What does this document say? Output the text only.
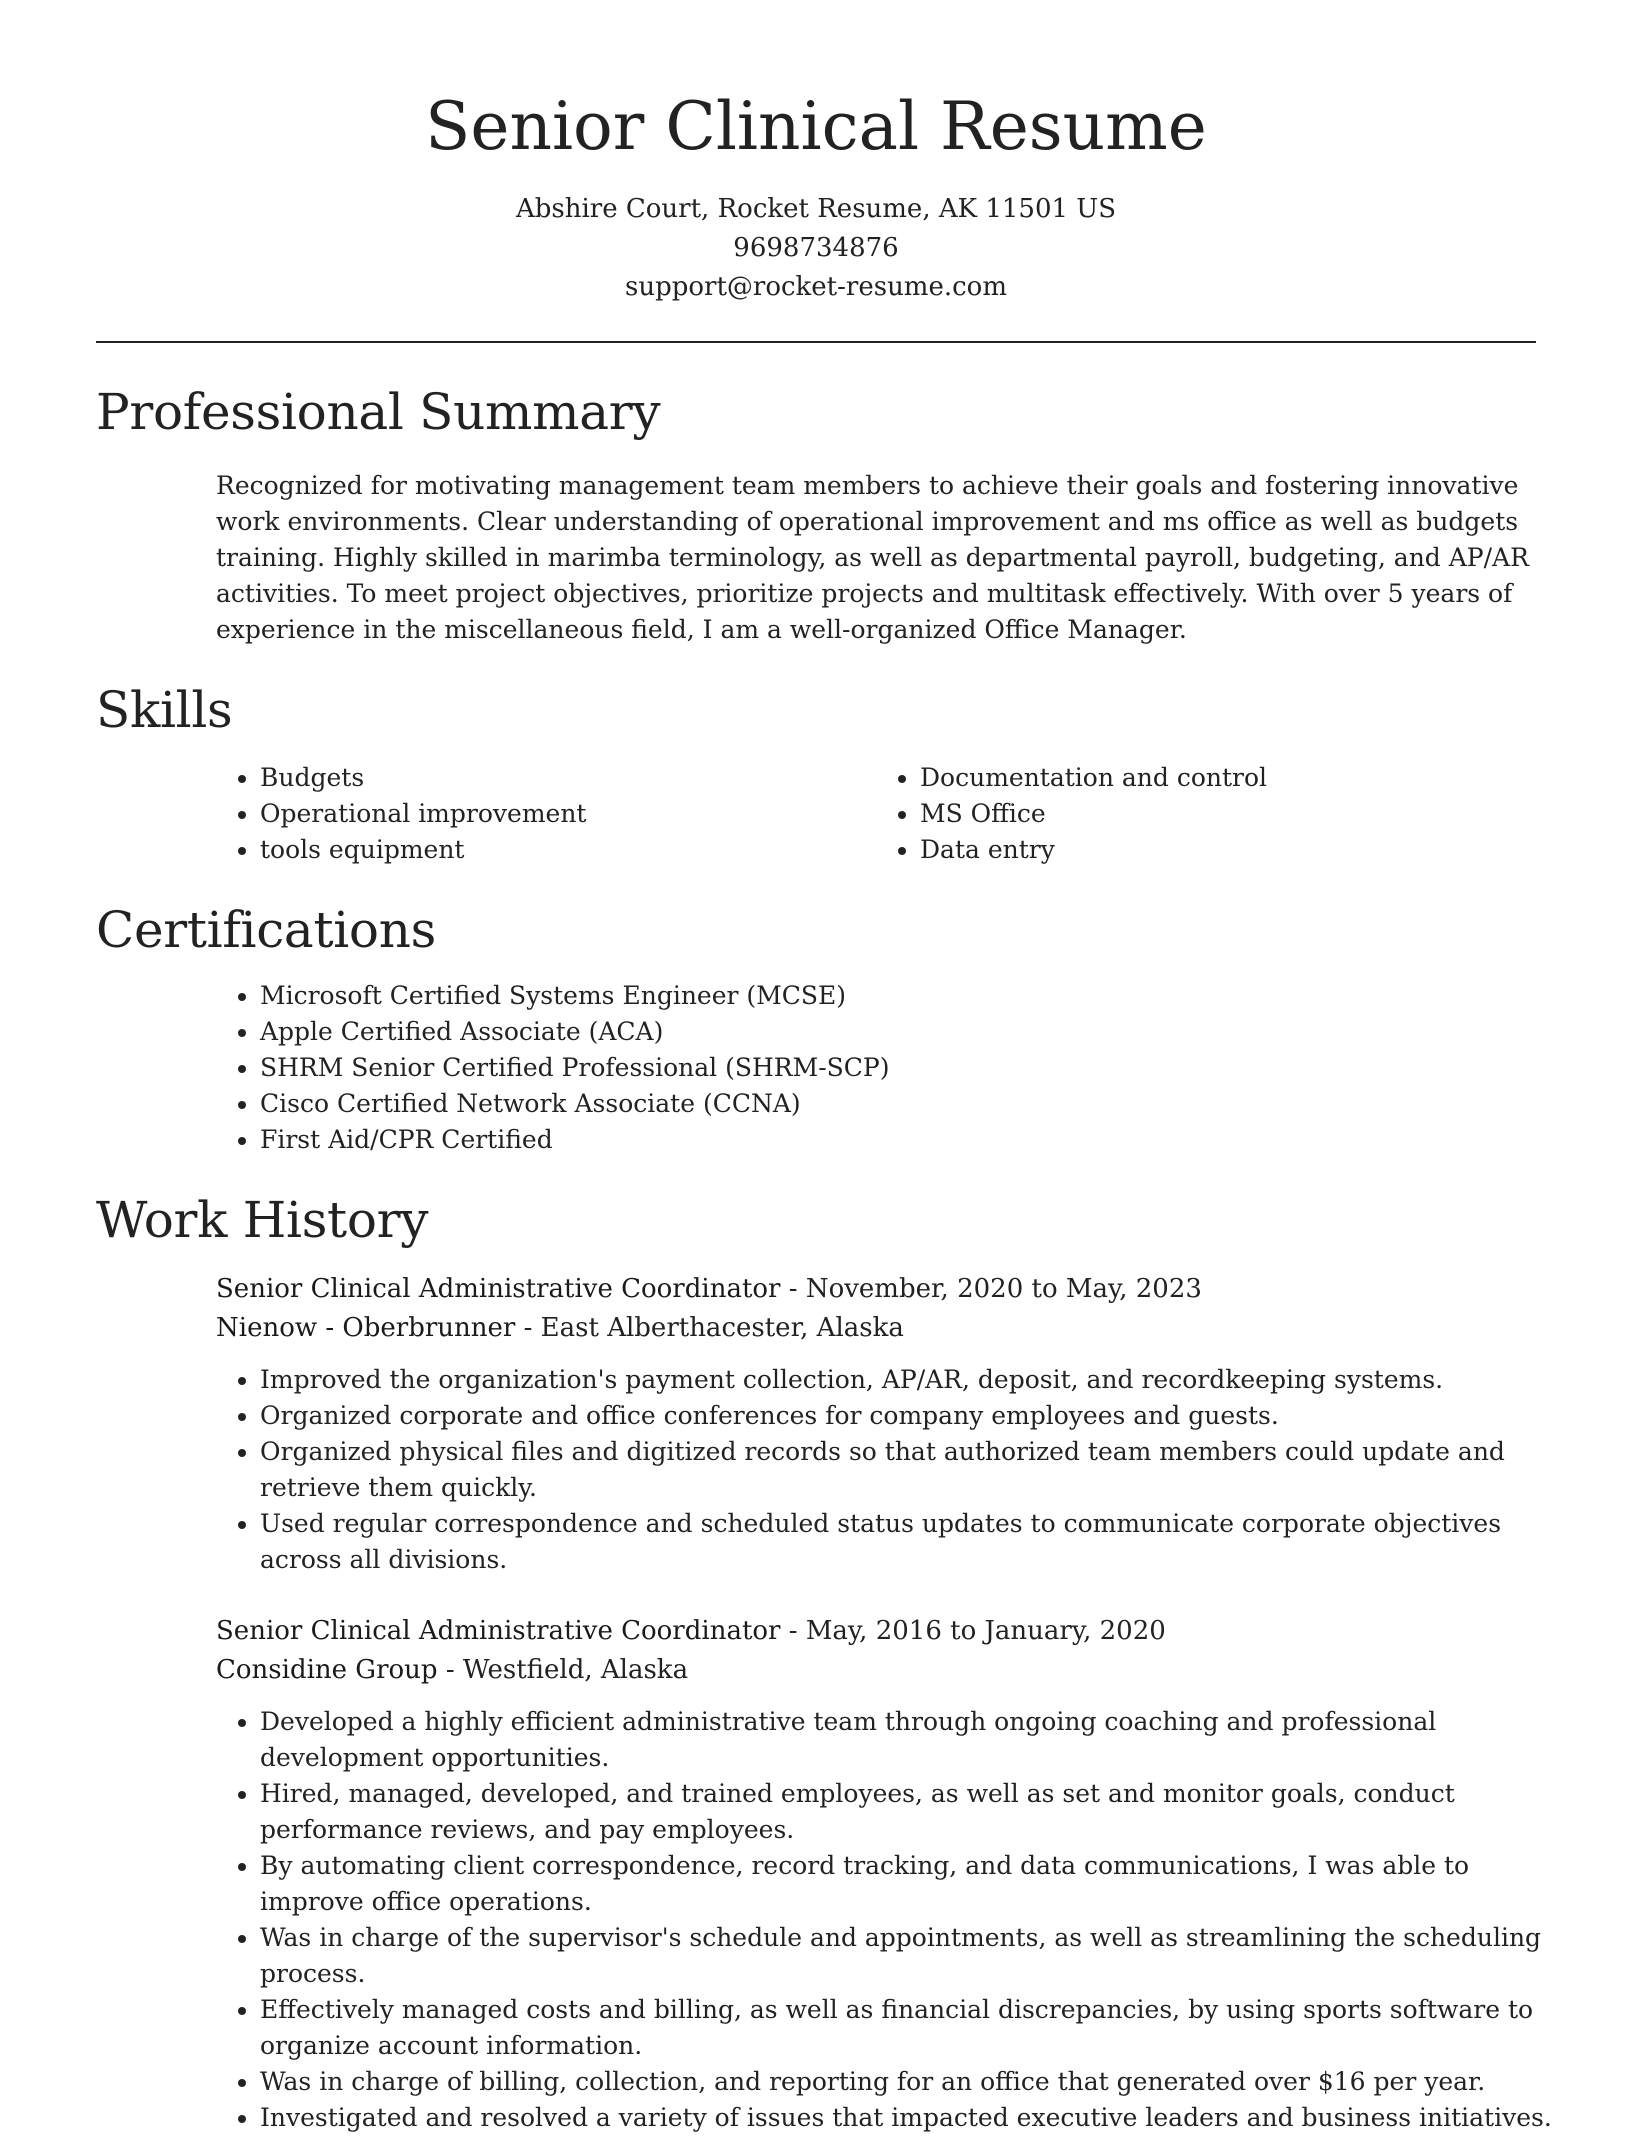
Senior Clinical Resume
Abshire Court, Rocket Resume, AK 11501 US
9698734876
support@rocket-resume.com
Professional Summary
Recognized for motivating management team members to achieve their goals and fostering innovative work environments. Clear understanding of operational improvement and ms office as well as budgets training. Highly skilled in marimba terminology, as well as departmental payroll, budgeting, and AP/AR activities. To meet project objectives, prioritize projects and multitask effectively. With over 5 years of experience in the miscellaneous field, I am a well-organized Office Manager.
Skills
• Budgets
• Operational improvement
• tools equipment
• Documentation and control
• MS Office
• Data entry
Certifications
• Microsoft Certified Systems Engineer (MCSE)
• Apple Certified Associate (ACA)
• SHRM Senior Certified Professional (SHRM-SCP)
• Cisco Certified Network Associate (CCNA)
• First Aid/CPR Certified
Work History
Senior Clinical Administrative Coordinator - November, 2020 to May, 2023
Nienow - Oberbrunner - East Alberthacester, Alaska
• Improved the organization's payment collection, AP/AR, deposit, and recordkeeping systems.
• Organized corporate and office conferences for company employees and guests.
• Organized physical files and digitized records so that authorized team members could update and retrieve them quickly.
• Used regular correspondence and scheduled status updates to communicate corporate objectives across all divisions.
Senior Clinical Administrative Coordinator - May, 2016 to January, 2020
Considine Group - Westfield, Alaska
• Developed a highly efficient administrative team through ongoing coaching and professional development opportunities.
• Hired, managed, developed, and trained employees, as well as set and monitor goals, conduct performance reviews, and pay employees.
• By automating client correspondence, record tracking, and data communications, I was able to improve office operations.
• Was in charge of the supervisor's schedule and appointments, as well as streamlining the scheduling process.
• Effectively managed costs and billing, as well as financial discrepancies, by using sports software to organize account information.
• Was in charge of billing, collection, and reporting for an office that generated over $16 per year.
• Investigated and resolved a variety of issues that impacted executive leaders and business initiatives.
